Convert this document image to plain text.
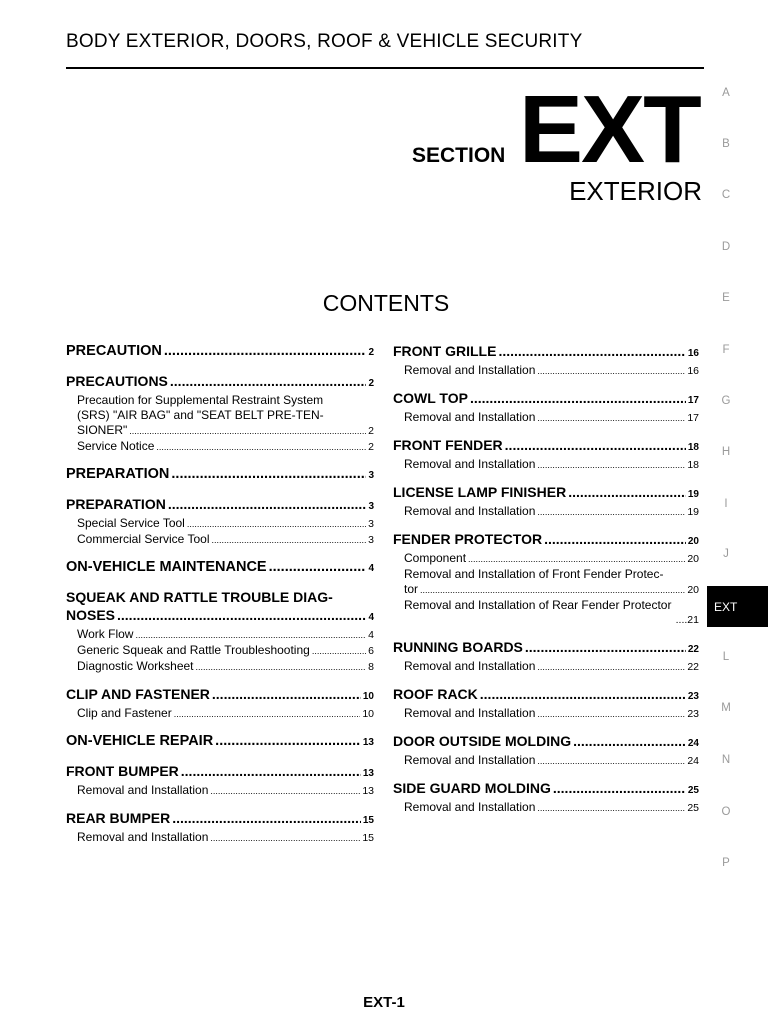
BODY EXTERIOR, DOORS, ROOF & VEHICLE SECURITY
SECTION EXT
EXTERIOR
CONTENTS
PRECAUTION .....	2
PRECAUTIONS .....	2
Precaution for Supplemental Restraint System
(SRS) "AIR BAG" and "SEAT BELT PRE-TEN-
SIONER" .....	2
Service Notice .....	2
PREPARATION .....	3
PREPARATION .....	3
Special Service Tool .....	3
Commercial Service Tool .....	3
ON-VEHICLE MAINTENANCE .....	4
SQUEAK AND RATTLE TROUBLE DIAG-
NOSES .....	4
Work Flow .....	4
Generic Squeak and Rattle Troubleshooting .....	6
Diagnostic Worksheet .....	8
CLIP AND FASTENER .....	10
Clip and Fastener .....	10
ON-VEHICLE REPAIR .....	13
FRONT BUMPER .....	13
Removal and Installation .....	13
REAR BUMPER .....	15
Removal and Installation .....	15
FRONT GRILLE .....	16
Removal and Installation .....	16
COWL TOP .....	17
Removal and Installation .....	17
FRONT FENDER .....	18
Removal and Installation .....	18
LICENSE LAMP FINISHER .....	19
Removal and Installation .....	19
FENDER PROTECTOR .....	20
Component .....	20
Removal and Installation of Front Fender Protec-
tor .....	20
Removal and Installation of Rear Fender Protector
....21
RUNNING BOARDS .....	22
Removal and Installation .....	22
ROOF RACK .....	23
Removal and Installation .....	23
DOOR OUTSIDE MOLDING .....	24
Removal and Installation .....	24
SIDE GUARD MOLDING .....	25
Removal and Installation .....	25
A
B
C
D
E
F
G
H
I
J
EXT
L
M
N
O
P
EXT-1
